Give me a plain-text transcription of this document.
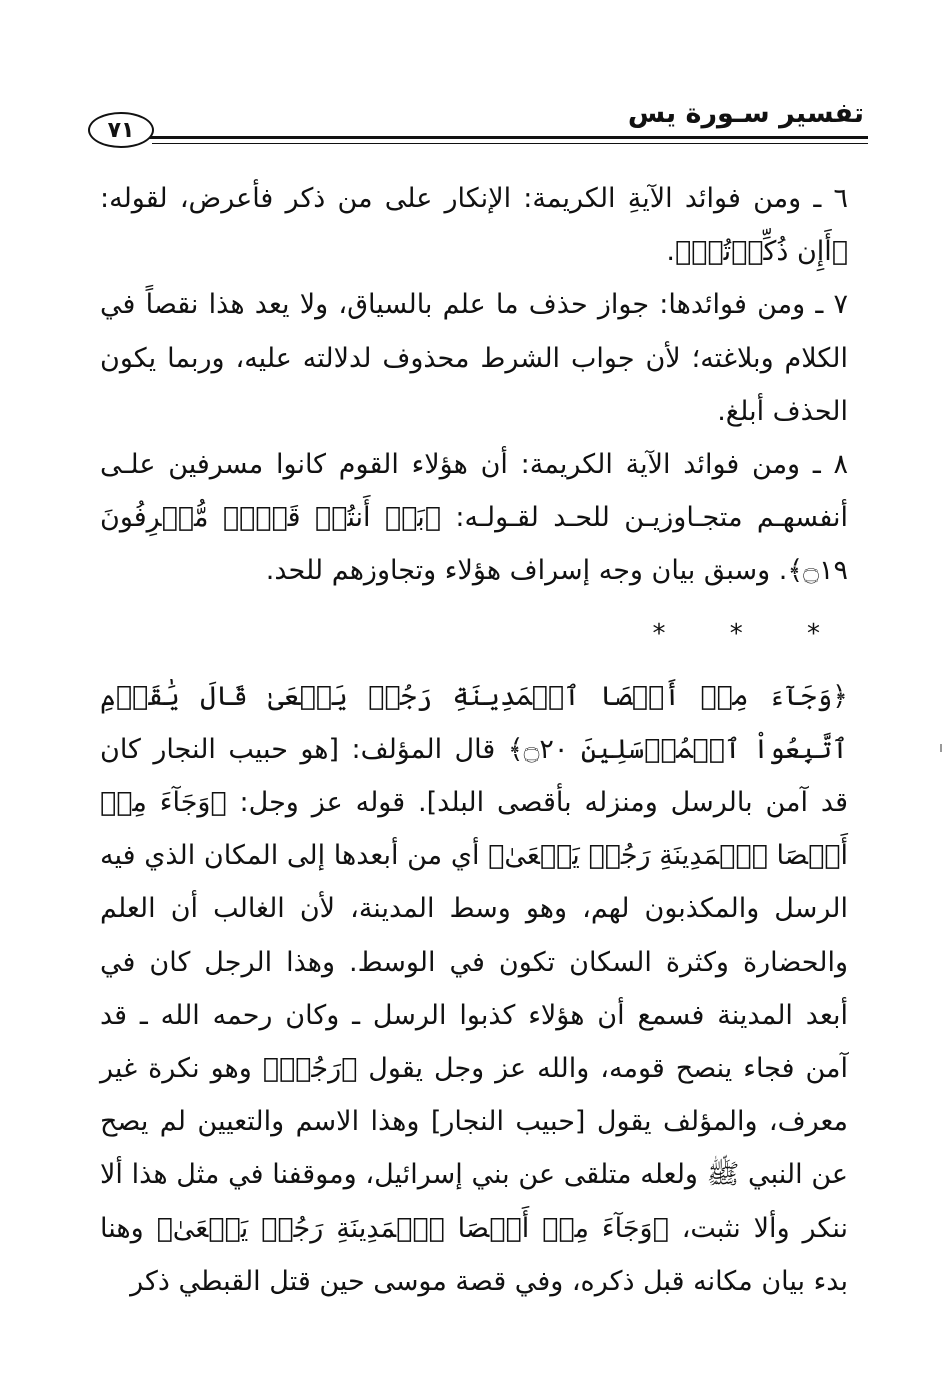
٧١
تفسير سـورة يس

٦ ـ ومن فوائد الآيةِ الكريمة: الإنكار على من ذكر فأعرض، لقوله: ﴿أَإِن ذُكِّرۡتُمۚ﴾.

٧ ـ ومن فوائدها: جواز حذف ما علم بالسياق، ولا يعد هذا نقصاً في الكلام وبلاغته؛ لأن جواب الشرط محذوف لدلالته عليه، وربما يكون الحذف أبلغ.

٨ ـ ومن فوائد الآية الكريمة: أن هؤلاء القوم كانوا مسرفين علـى أنفسهـم متجـاوزيـن للحـد لقـولـه: ﴿بَلۡ أَنتُمۡ قَوۡمٞ مُّسۡرِفُونَ ۝١٩﴾. وسبق بيان وجه إسراف هؤلاء وتجاوزهم للحد.

* * *

﴿وَجَآءَ مِنۡ أَقۡصَا ٱلۡمَدِينَةِ رَجُلٞ يَسۡعَىٰ قَالَ يَٰقَوۡمِ ٱتَّبِعُواْ ٱلۡمُرۡسَلِينَ ۝٢٠﴾ قال المؤلف: [هو حبيب النجار كان قد آمن بالرسل ومنزله بأقصى البلد]. قوله عز وجل: ﴿وَجَآءَ مِنۡ أَقۡصَا ٱلۡمَدِينَةِ رَجُلٞ يَسۡعَىٰ﴾ أي من أبعدها إلى المكان الذي فيه الرسل والمكذبون لهم، وهو وسط المدينة، لأن الغالب أن العلم والحضارة وكثرة السكان تكون في الوسط. وهذا الرجل كان في أبعد المدينة فسمع أن هؤلاء كذبوا الرسل ـ وكان رحمه الله ـ قد آمن فجاء ينصح قومه، والله عز وجل يقول ﴿رَجُلٞ﴾ وهو نكرة غير معرف، والمؤلف يقول [حبيب النجار] وهذا الاسم والتعيين لم يصح عن النبي ﷺ ولعله متلقى عن بني إسرائيل، وموقفنا في مثل هذا ألا ننكر وألا نثبت، ﴿وَجَآءَ مِنۡ أَقۡصَا ٱلۡمَدِينَةِ رَجُلٞ يَسۡعَىٰ﴾ وهنا بدء بيان مكانه قبل ذكره، وفي قصة موسى حين قتل القبطي ذكر
